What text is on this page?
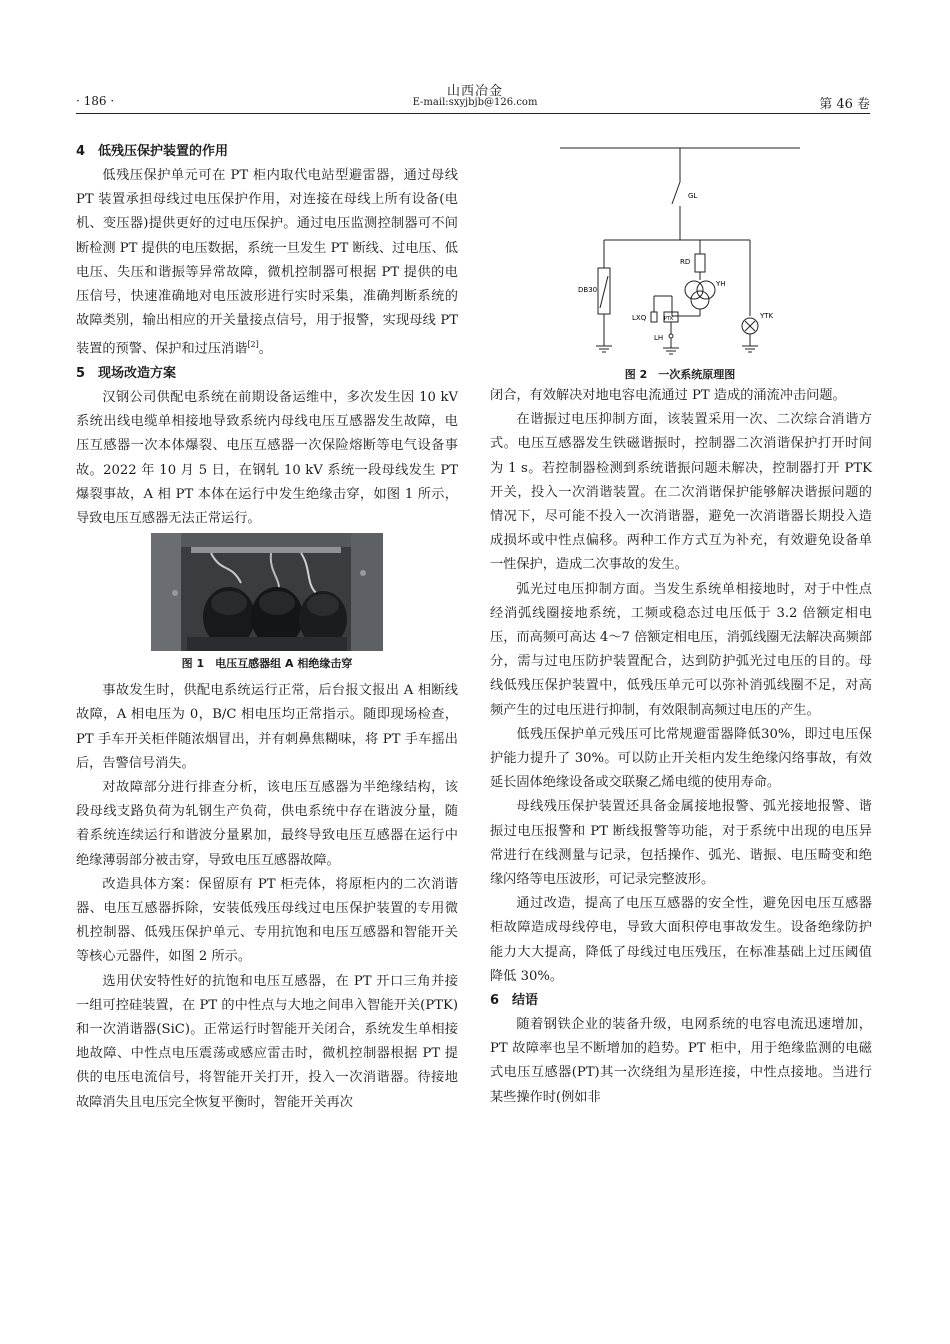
山西冶金
E-mail:sxyjbjb@126.com
· 186 ·	第 46 卷

4　低残压保护装置的作用

低残压保护单元可在 PT 柜内取代电站型避雷器，通过母线 PT 装置承担母线过电压保护作用，对连接在母线上所有设备(电机、变压器)提供更好的过电压保护。通过电压监测控制器可不间断检测 PT 提供的电压数据，系统一旦发生 PT 断线、过电压、低电压、失压和谐振等异常故障，微机控制器可根据 PT 提供的电压信号，快速准确地对电压波形进行实时采集，准确判断系统的故障类别，输出相应的开关量接点信号，用于报警，实现母线 PT 装置的预警、保护和过压消谐[2]。

5　现场改造方案

汉钢公司供配电系统在前期设备运维中，多次发生因 10 kV 系统出线电缆单相接地导致系统内母线电压互感器发生故障，电压互感器一次本体爆裂、电压互感器一次保险熔断等电气设备事故。2022 年 10 月 5 日，在钢轧 10 kV 系统一段母线发生 PT 爆裂事故，A 相 PT 本体在运行中发生绝缘击穿，如图 1 所示，导致电压互感器无法正常运行。

图 1　电压互感器组 A 相绝缘击穿

事故发生时，供配电系统运行正常，后台报文报出 A 相断线故障，A 相电压为 0，B/C 相电压均正常指示。随即现场检查，PT 手车开关柜伴随浓烟冒出，并有刺鼻焦糊味，将 PT 手车摇出后，告警信号消失。

对故障部分进行排查分析，该电压互感器为半绝缘结构，该段母线支路负荷为轧钢生产负荷，供电系统中存在谐波分量，随着系统连续运行和谐波分量累加，最终导致电压互感器在运行中绝缘薄弱部分被击穿，导致电压互感器故障。

改造具体方案：保留原有 PT 柜壳体，将原柜内的二次消谐器、电压互感器拆除，安装低残压母线过电压保护装置的专用微机控制器、低残压保护单元、专用抗饱和电压互感器和智能开关等核心元器件，如图 2 所示。

选用伏安特性好的抗饱和电压互感器，在 PT 开口三角并接一组可控硅装置，在 PT 的中性点与大地之间串入智能开关(PTK)和一次消谐器(SiC)。正常运行时智能开关闭合，系统发生单相接地故障、中性点电压震荡或感应雷击时，微机控制器根据 PT 提供的电压电流信号，将智能开关打开，投入一次消谐器。待接地故障消失且电压完全恢复平衡时，智能开关再次

GL
RD
YH
DB30
LXQ	PTK
LH
YTK
图 2　一次系统原理图

闭合，有效解决对地电容电流通过 PT 造成的涌流冲击问题。

在谐振过电压抑制方面，该装置采用一次、二次综合消谐方式。电压互感器发生铁磁谐振时，控制器二次消谐保护打开时间为 1 s。若控制器检测到系统谐振问题未解决，控制器打开 PTK 开关，投入一次消谐装置。在二次消谐保护能够解决谐振问题的情况下，尽可能不投入一次消谐器，避免一次消谐器长期投入造成损坏或中性点偏移。两种工作方式互为补充，有效避免设备单一性保护，造成二次事故的发生。

弧光过电压抑制方面。当发生系统单相接地时，对于中性点经消弧线圈接地系统，工频或稳态过电压低于 3.2 倍额定相电压，而高频可高达 4～7 倍额定相电压，消弧线圈无法解决高频部分，需与过电压防护装置配合，达到防护弧光过电压的目的。母线低残压保护装置中，低残压单元可以弥补消弧线圈不足，对高频产生的过电压进行抑制，有效限制高频过电压的产生。

低残压保护单元残压可比常规避雷器降低30%，即过电压保护能力提升了 30%。可以防止开关柜内发生绝缘闪络事故，有效延长固体绝缘设备或交联聚乙烯电缆的使用寿命。

母线残压保护装置还具备金属接地报警、弧光接地报警、谐振过电压报警和 PT 断线报警等功能，对于系统中出现的电压异常进行在线测量与记录，包括操作、弧光、谐振、电压畸变和绝缘闪络等电压波形，可记录完整波形。

通过改造，提高了电压互感器的安全性，避免因电压互感器柜故障造成母线停电，导致大面积停电事故发生。设备绝缘防护能力大大提高，降低了母线过电压残压，在标准基础上过压阈值降低 30%。

6　结语

随着钢铁企业的装备升级，电网系统的电容电流迅速增加，PT 故障率也呈不断增加的趋势。PT 柜中，用于绝缘监测的电磁式电压互感器(PT)其一次绕组为星形连接，中性点接地。当进行某些操作时(例如非
